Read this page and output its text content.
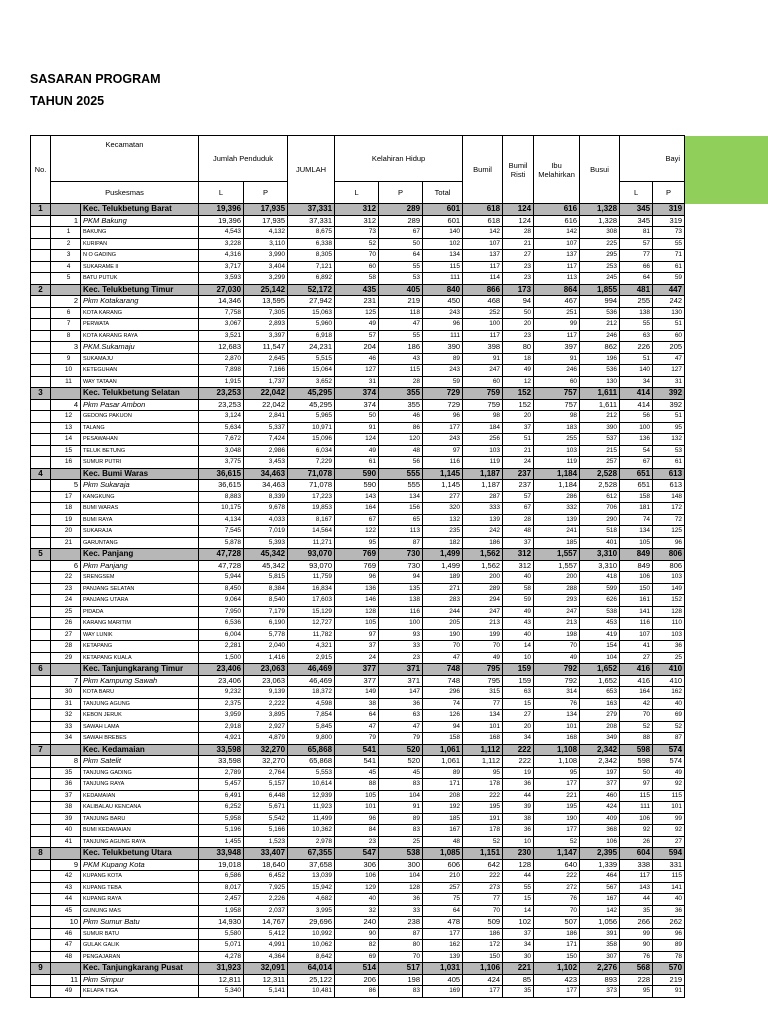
SASARAN PROGRAM
TAHUN 2025
No.	Kecamatan		Jumlah Penduduk		JUMLAH	Kelahiran Hidup			Bumil	Bumil Risti	Ibu Melahirkan	Busui	Bayi		
	Puskesmas		L	P		L	P	Total					L	P	
1		Kec. Telukbetung Barat	19,396	17,935	37,331	312	289	601	618	124	616	1,328	345	319	
	1	PKM Bakung	19,396	17,935	37,331	312	289	601	618	124	616	1,328	345	319	
	1	BAKUNG	4,543	4,132	8,675	73	67	140	142	28	142	308	81	73	
	2	KURIPAN	3,228	3,110	6,338	52	50	102	107	21	107	225	57	55	
	3	N O GADING	4,316	3,990	8,305	70	64	134	137	27	137	295	77	71	
	4	SUKARAME II	3,717	3,404	7,121	60	55	115	117	23	117	253	66	61	
	5	BATU PUTUK	3,593	3,299	6,892	58	53	111	114	23	113	245	64	59	
2		Kec. Telukbetung Timur	27,030	25,142	52,172	435	405	840	866	173	864	1,855	481	447	
	2	Pkm Kotakarang	14,346	13,595	27,942	231	219	450	468	94	467	994	255	242	
	6	KOTA KARANG	7,758	7,305	15,063	125	118	243	252	50	251	536	138	130	
	7	PERWATA	3,067	2,893	5,960	49	47	96	100	20	99	212	55	51	
	8	KOTA KARANG RAYA	3,521	3,397	6,918	57	55	111	117	23	117	246	63	60	
	3	PKM.Sukamaju	12,683	11,547	24,231	204	186	390	398	80	397	862	226	205	
	9	SUKAMAJU	2,870	2,645	5,515	46	43	89	91	18	91	196	51	47	
	10	KETEGUHAN	7,898	7,166	15,064	127	115	243	247	49	246	536	140	127	
	11	WAY TATAAN	1,915	1,737	3,652	31	28	59	60	12	60	130	34	31	
3		Kec. Telukbetung Selatan	23,253	22,042	45,295	374	355	729	759	152	757	1,611	414	392	
	4	Pkm Pasar Ambon	23,253	22,042	45,295	374	355	729	759	152	757	1,611	414	392	
	12	GEDONG PAKUON	3,124	2,841	5,965	50	46	96	98	20	98	212	56	51	
	13	TALANG	5,634	5,337	10,971	91	86	177	184	37	183	390	100	95	
	14	PESAWAHAN	7,672	7,424	15,096	124	120	243	256	51	255	537	136	132	
	15	TELUK BETUNG	3,048	2,986	6,034	49	48	97	103	21	103	215	54	53	
	16	SUMUR PUTRI	3,775	3,453	7,229	61	56	116	119	24	119	257	67	61	
4		Kec. Bumi Waras	36,615	34,463	71,078	590	555	1,145	1,187	237	1,184	2,528	651	613	
	5	Pkm Sukaraja	36,615	34,463	71,078	590	555	1,145	1,187	237	1,184	2,528	651	613	
	17	KANGKUNG	8,883	8,339	17,223	143	134	277	287	57	286	612	158	148	
	18	BUMI WARAS	10,175	9,678	19,853	164	156	320	333	67	332	706	181	172	
	19	BUMI RAYA	4,134	4,033	8,167	67	65	132	139	28	139	290	74	72	
	20	SUKARAJA	7,545	7,019	14,564	122	113	235	242	48	241	518	134	125	
	21	GARUNTANG	5,878	5,393	11,271	95	87	182	186	37	185	401	105	96	
5		Kec. Panjang	47,728	45,342	93,070	769	730	1,499	1,562	312	1,557	3,310	849	806	
	6	Pkm Panjang	47,728	45,342	93,070	769	730	1,499	1,562	312	1,557	3,310	849	806	
	22	SRENGSEM	5,944	5,815	11,759	96	94	189	200	40	200	418	106	103	
	23	PANJANG SELATAN	8,450	8,384	16,834	136	135	271	289	58	288	599	150	149	
	24	PANJANG UTARA	9,064	8,540	17,603	146	138	283	294	59	293	626	161	152	
	25	PIDADA	7,950	7,179	15,129	128	116	244	247	49	247	538	141	128	
	26	KARANG MARITIM	6,536	6,190	12,727	105	100	205	213	43	213	453	116	110	
	27	WAY LUNIK	6,004	5,778	11,782	97	93	190	199	40	198	419	107	103	
	28	KETAPANG	2,281	2,040	4,321	37	33	70	70	14	70	154	41	36	
	29	KETAPANG KUALA	1,500	1,416	2,915	24	23	47	49	10	49	104	27	25	
6		Kec. Tanjungkarang Timur	23,406	23,063	46,469	377	371	748	795	159	792	1,652	416	410	
	7	Pkm Kampung Sawah	23,406	23,063	46,469	377	371	748	795	159	792	1,652	416	410	
	30	KOTA BARU	9,232	9,139	18,372	149	147	296	315	63	314	653	164	162	
	31	TANJUNG AGUNG	2,375	2,222	4,598	38	36	74	77	15	76	163	42	40	
	32	KEBON JERUK	3,959	3,895	7,854	64	63	126	134	27	134	279	70	69	
	33	SAWAH LAMA	2,918	2,927	5,845	47	47	94	101	20	101	208	52	52	
	34	SAWAH BREBES	4,921	4,879	9,800	79	79	158	168	34	168	349	88	87	
7		Kec. Kedamaian	33,598	32,270	65,868	541	520	1,061	1,112	222	1,108	2,342	598	574	
	8	Pkm Satelit	33,598	32,270	65,868	541	520	1,061	1,112	222	1,108	2,342	598	574	
	35	TANJUNG GADING	2,789	2,764	5,553	45	45	89	95	19	95	197	50	49	
	36	TANJUNG RAYA	5,457	5,157	10,614	88	83	171	178	36	177	377	97	92	
	37	KEDAMAIAN	6,491	6,448	12,939	105	104	208	222	44	221	460	115	115	
	38	KALIBALAU KENCANA	6,252	5,671	11,923	101	91	192	195	39	195	424	111	101	
	39	TANJUNG BARU	5,958	5,542	11,499	96	89	185	191	38	190	409	106	99	
	40	BUMI KEDAMAIAN	5,196	5,166	10,362	84	83	167	178	36	177	368	92	92	
	41	TANJUNG AGUNG RAYA	1,455	1,523	2,978	23	25	48	52	10	52	106	26	27	
8		Kec. Telukbetung Utara	33,948	33,407	67,355	547	538	1,085	1,151	230	1,147	2,395	604	594	
	9	PKM Kupang Kota	19,018	18,640	37,658	306	300	606	642	128	640	1,339	338	331	
	42	KUPANG KOTA	6,586	6,452	13,039	106	104	210	222	44	222	464	117	115	
	43	KUPANG TEBA	8,017	7,925	15,942	129	128	257	273	55	272	567	143	141	
	44	KUPANG RAYA	2,457	2,226	4,682	40	36	75	77	15	76	167	44	40	
	45	GUNUNG MAS	1,958	2,037	3,995	32	33	64	70	14	70	142	35	36	
	10	Pkm Sumur Batu	14,930	14,767	29,696	240	238	478	509	102	507	1,056	266	262	
	46	SUMUR BATU	5,580	5,412	10,992	90	87	177	186	37	186	391	99	96	
	47	GULAK GALIK	5,071	4,991	10,062	82	80	162	172	34	171	358	90	89	
	48	PENGAJARAN	4,278	4,364	8,642	69	70	139	150	30	150	307	76	78	
9		Kec. Tanjungkarang Pusat	31,923	32,091	64,014	514	517	1,031	1,106	221	1,102	2,276	568	570	
	11	Pkm Simpur	12,811	12,311	25,122	206	198	405	424	85	423	893	228	219	
	49	KELAPA TIGA	5,340	5,141	10,481	86	83	169	177	35	177	373	95	91	
